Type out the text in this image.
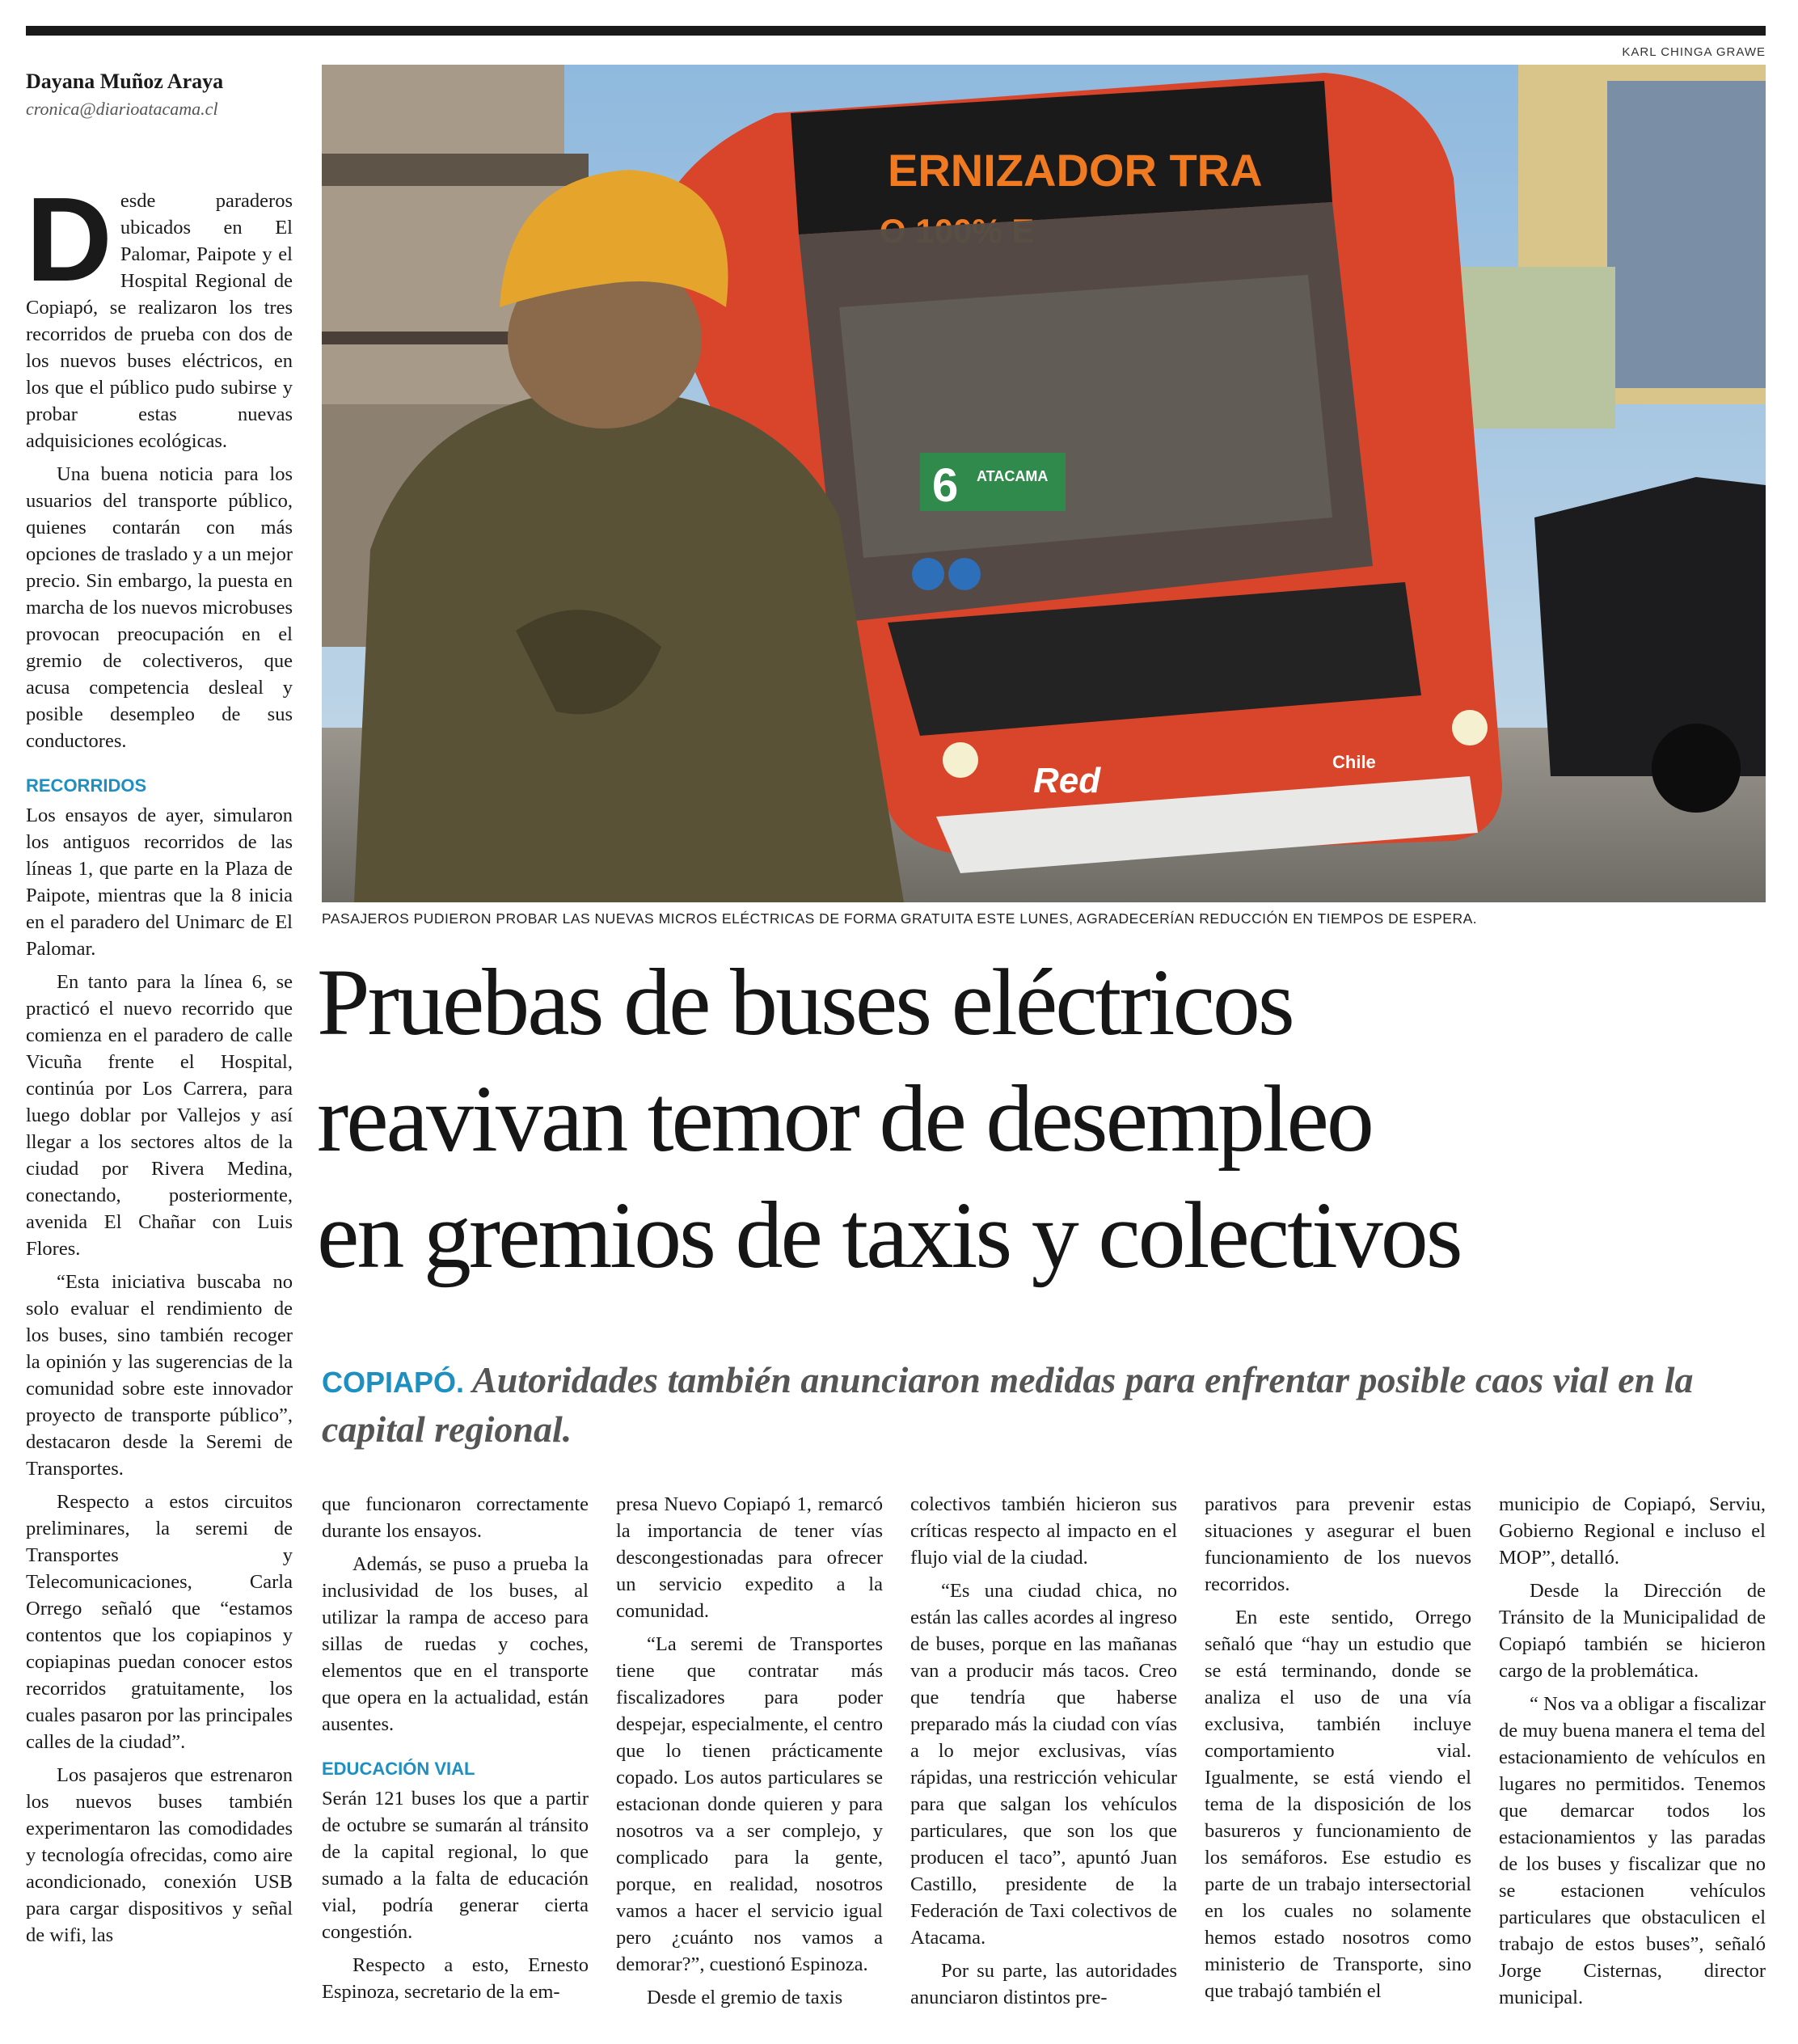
KARL CHINGA GRAWE

Dayana Muñoz Araya

cronica@diarioatacama.cl

Desde paraderos ubicados en El Palomar, Paipote y el Hospital Regional de Copiapó, se realizaron los tres recorridos de prueba con dos de los nuevos buses eléctricos, en los que el público pudo subirse y probar estas nuevas adquisiciones ecológicas.

Una buena noticia para los usuarios del transporte público, quienes contarán con más opciones de traslado y a un mejor precio. Sin embargo, la puesta en marcha de los nuevos microbuses provocan preocupación en el gremio de colectiveros, que acusa competencia desleal y posible desempleo de sus conductores.

RECORRIDOS

Los ensayos de ayer, simularon los antiguos recorridos de las líneas 1, que parte en la Plaza de Paipote, mientras que la 8 inicia en el paradero del Unimarc de El Palomar.

En tanto para la línea 6, se practicó el nuevo recorrido que comienza en el paradero de calle Vicuña frente el Hospital, continúa por Los Carrera, para luego doblar por Vallejos y así llegar a los sectores altos de la ciudad por Rivera Medina, conectando, posteriormente, avenida El Chañar con Luis Flores.

“Esta iniciativa buscaba no solo evaluar el rendimiento de los buses, sino también recoger la opinión y las sugerencias de la comunidad sobre este innovador proyecto de transporte público”, destacaron desde la Seremi de Transportes.

Respecto a estos circuitos preliminares, la seremi de Transportes y Telecomunicaciones, Carla Orrego señaló que “estamos contentos que los copiapinos y copiapinas puedan conocer estos recorridos gratuitamente, los cuales pasaron por las principales calles de la ciudad”.

Los pasajeros que estrenaron los nuevos buses también experimentaron las comodidades y tecnología ofrecidas, como aire acondicionado, conexión USB para cargar dispositivos y señal de wifi, las

ERNIZADOR TRA
6 ATACAMA
Red	Chile
PASAJEROS PUDIERON PROBAR LAS NUEVAS MICROS ELÉCTRICAS DE FORMA GRATUITA ESTE LUNES, AGRADECERÍAN REDUCCIÓN EN TIEMPOS DE ESPERA.
Pruebas de buses eléctricos
reavivan temor de desempleo
en gremios de taxis y colectivos
COPIAPÓ. Autoridades también anunciaron medidas para enfrentar posible caos vial en la capital regional.

que funcionaron correctamente durante los ensayos.

Además, se puso a prueba la inclusividad de los buses, al utilizar la rampa de acceso para sillas de ruedas y coches, elementos que en el transporte que opera en la actualidad, están ausentes.

EDUCACIÓN VIAL

Serán 121 buses los que a partir de octubre se sumarán al tránsito de la capital regional, lo que sumado a la falta de educación vial, podría generar cierta congestión.

Respecto a esto, Ernesto Espinoza, secretario de la em-

presa Nuevo Copiapó 1, remarcó la importancia de tener vías descongestionadas para ofrecer un servicio expedito a la comunidad.

“La seremi de Transportes tiene que contratar más fiscalizadores para poder despejar, especialmente, el centro que lo tienen prácticamente copado. Los autos particulares se estacionan donde quieren y para nosotros va a ser complejo, y complicado para la gente, porque, en realidad, nosotros vamos a hacer el servicio igual pero ¿cuánto nos vamos a demorar?”, cuestionó Espinoza.

Desde el gremio de taxis

colectivos también hicieron sus críticas respecto al impacto en el flujo vial de la ciudad.

“Es una ciudad chica, no están las calles acordes al ingreso de buses, porque en las mañanas van a producir más tacos. Creo que tendría que haberse preparado más la ciudad con vías a lo mejor exclusivas, vías rápidas, una restricción vehicular para que salgan los vehículos particulares, que son los que producen el taco”, apuntó Juan Castillo, presidente de la Federación de Taxi colectivos de Atacama.

Por su parte, las autoridades anunciaron distintos pre-

parativos para prevenir estas situaciones y asegurar el buen funcionamiento de los nuevos recorridos.

En este sentido, Orrego señaló que “hay un estudio que se está terminando, donde se analiza el uso de una vía exclusiva, también incluye comportamiento vial. Igualmente, se está viendo el tema de la disposición de los basureros y funcionamiento de los semáforos. Ese estudio es parte de un trabajo intersectorial en los cuales no solamente hemos estado nosotros como ministerio de Transporte, sino que trabajó también el

municipio de Copiapó, Serviu, Gobierno Regional e incluso el MOP”, detalló.

Desde la Dirección de Tránsito de la Municipalidad de Copiapó también se hicieron cargo de la problemática.

“ Nos va a obligar a fiscalizar de muy buena manera el tema del estacionamiento de vehículos en lugares no permitidos. Tenemos que demarcar todos los estacionamientos y las paradas de los buses y fiscalizar que no se estacionen vehículos particulares que obstaculicen el trabajo de estos buses”, señaló Jorge Cisternas, director municipal.
